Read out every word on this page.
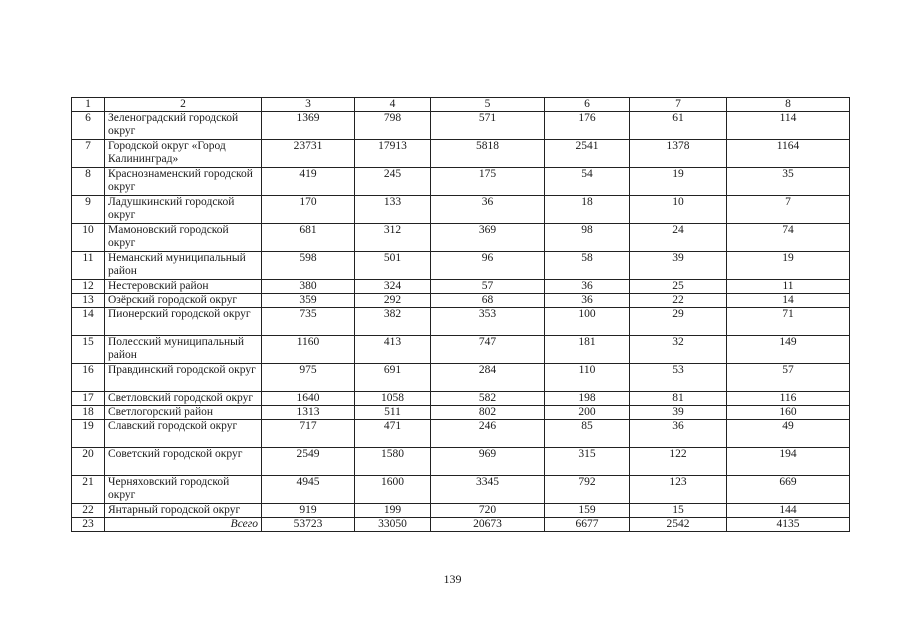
1	2	3	4	5	6	7	8
6	Зеленоградский городской округ	1369	798	571	176	61	114
7	Городской округ «Город Калининград»	23731	17913	5818	2541	1378	1164
8	Краснознаменский городской округ	419	245	175	54	19	35
9	Ладушкинский городской округ	170	133	36	18	10	7
10	Мамоновский городской округ	681	312	369	98	24	74
11	Неманский муниципальный район	598	501	96	58	39	19
12	Нестеровский район	380	324	57	36	25	11
13	Озёрский городской округ	359	292	68	36	22	14
14	Пионерский городской округ	735	382	353	100	29	71
15	Полесский муниципальный район	1160	413	747	181	32	149
16	Правдинский городской округ	975	691	284	110	53	57
17	Светловский городской округ	1640	1058	582	198	81	116
18	Светлогорский район	1313	511	802	200	39	160
19	Славский городской округ	717	471	246	85	36	49
20	Советский городской округ	2549	1580	969	315	122	194
21	Черняховский городской округ	4945	1600	3345	792	123	669
22	Янтарный городской округ	919	199	720	159	15	144
23	Всего	53723	33050	20673	6677	2542	4135
139
